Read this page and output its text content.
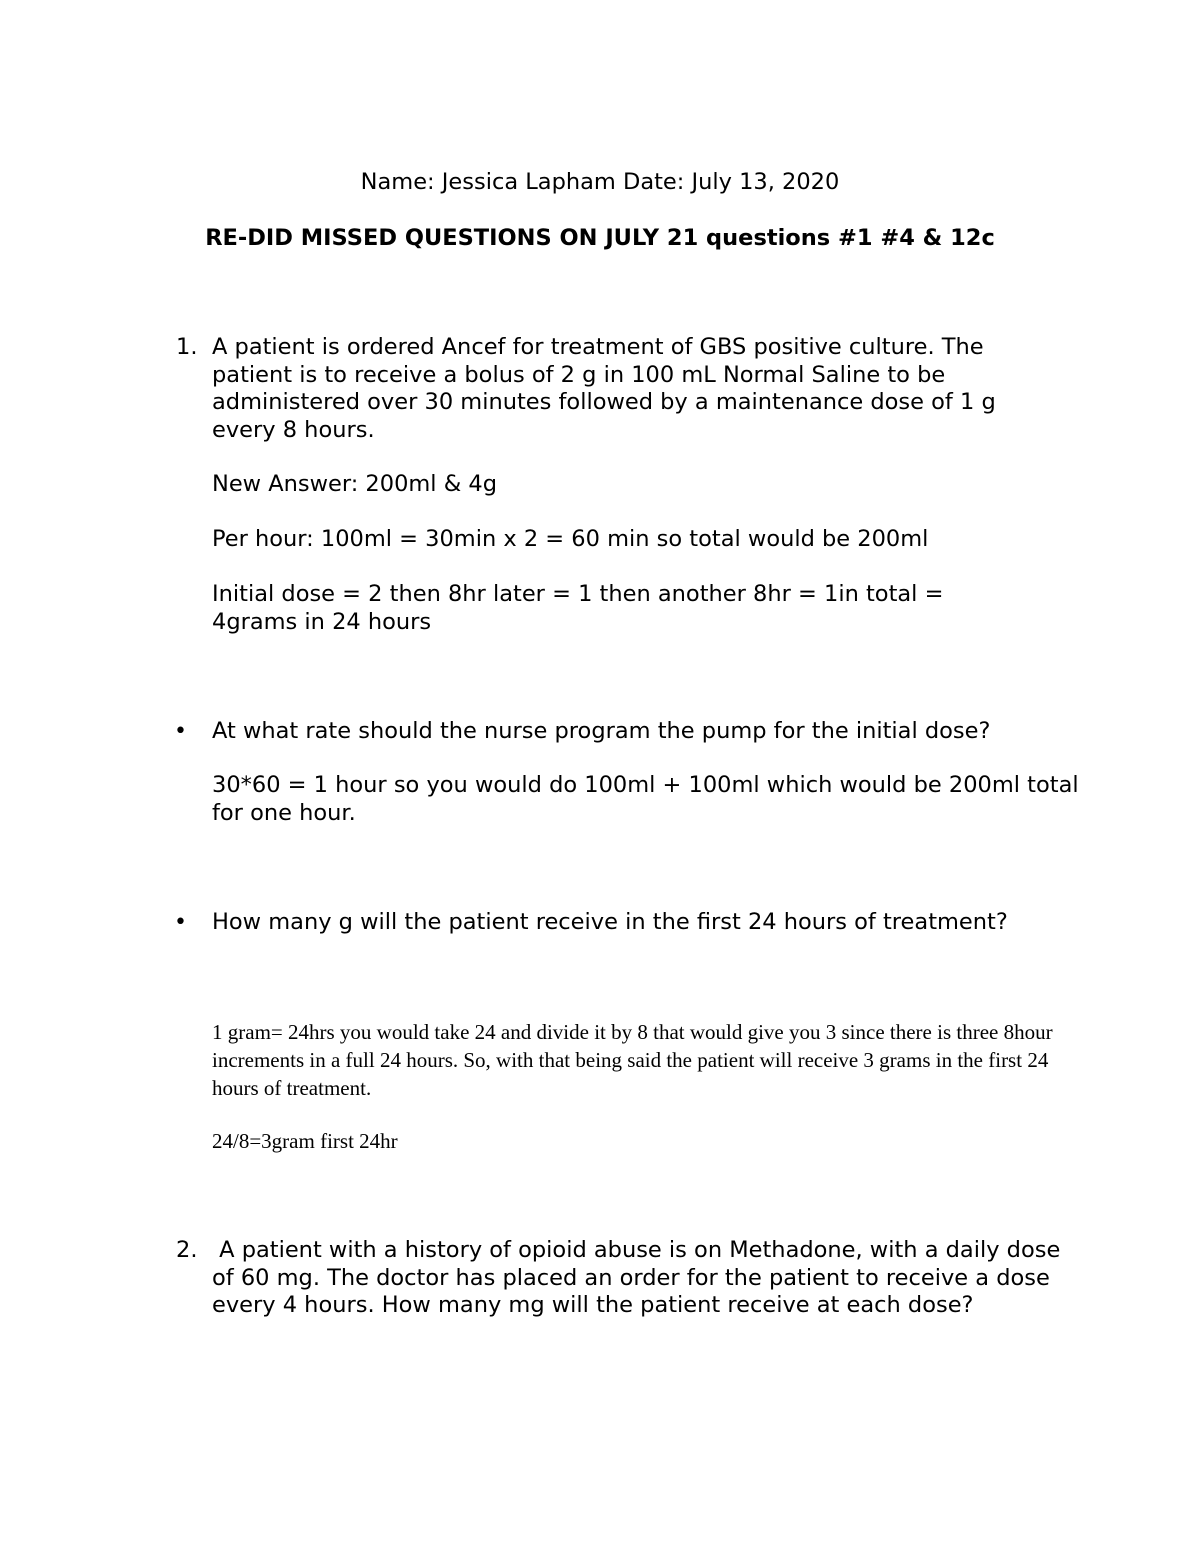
Name: Jessica Lapham Date: July 13, 2020
RE-DID MISSED QUESTIONS ON JULY 21 questions #1 #4 & 12c
1. A patient is ordered Ancef for treatment of GBS positive culture. The patient is to receive a bolus of 2 g in 100 mL Normal Saline to be administered over 30 minutes followed by a maintenance dose of 1 g every 8 hours.
New Answer: 200ml & 4g
Per hour: 100ml = 30min x 2 = 60 min so total would be 200ml
Initial dose = 2 then 8hr later = 1 then another 8hr = 1in total = 4grams in 24 hours
• At what rate should the nurse program the pump for the initial dose?
30*60 = 1 hour so you would do 100ml + 100ml which would be 200ml total for one hour.
• How many g will the patient receive in the first 24 hours of treatment?
1 gram= 24hrs you would take 24 and divide it by 8 that would give you 3 since there is three 8hour increments in a full 24 hours. So, with that being said the patient will receive 3 grams in the first 24 hours of treatment.
24/8=3gram first 24hr
2. A patient with a history of opioid abuse is on Methadone, with a daily dose of 60 mg. The doctor has placed an order for the patient to receive a dose every 4 hours. How many mg will the patient receive at each dose?
